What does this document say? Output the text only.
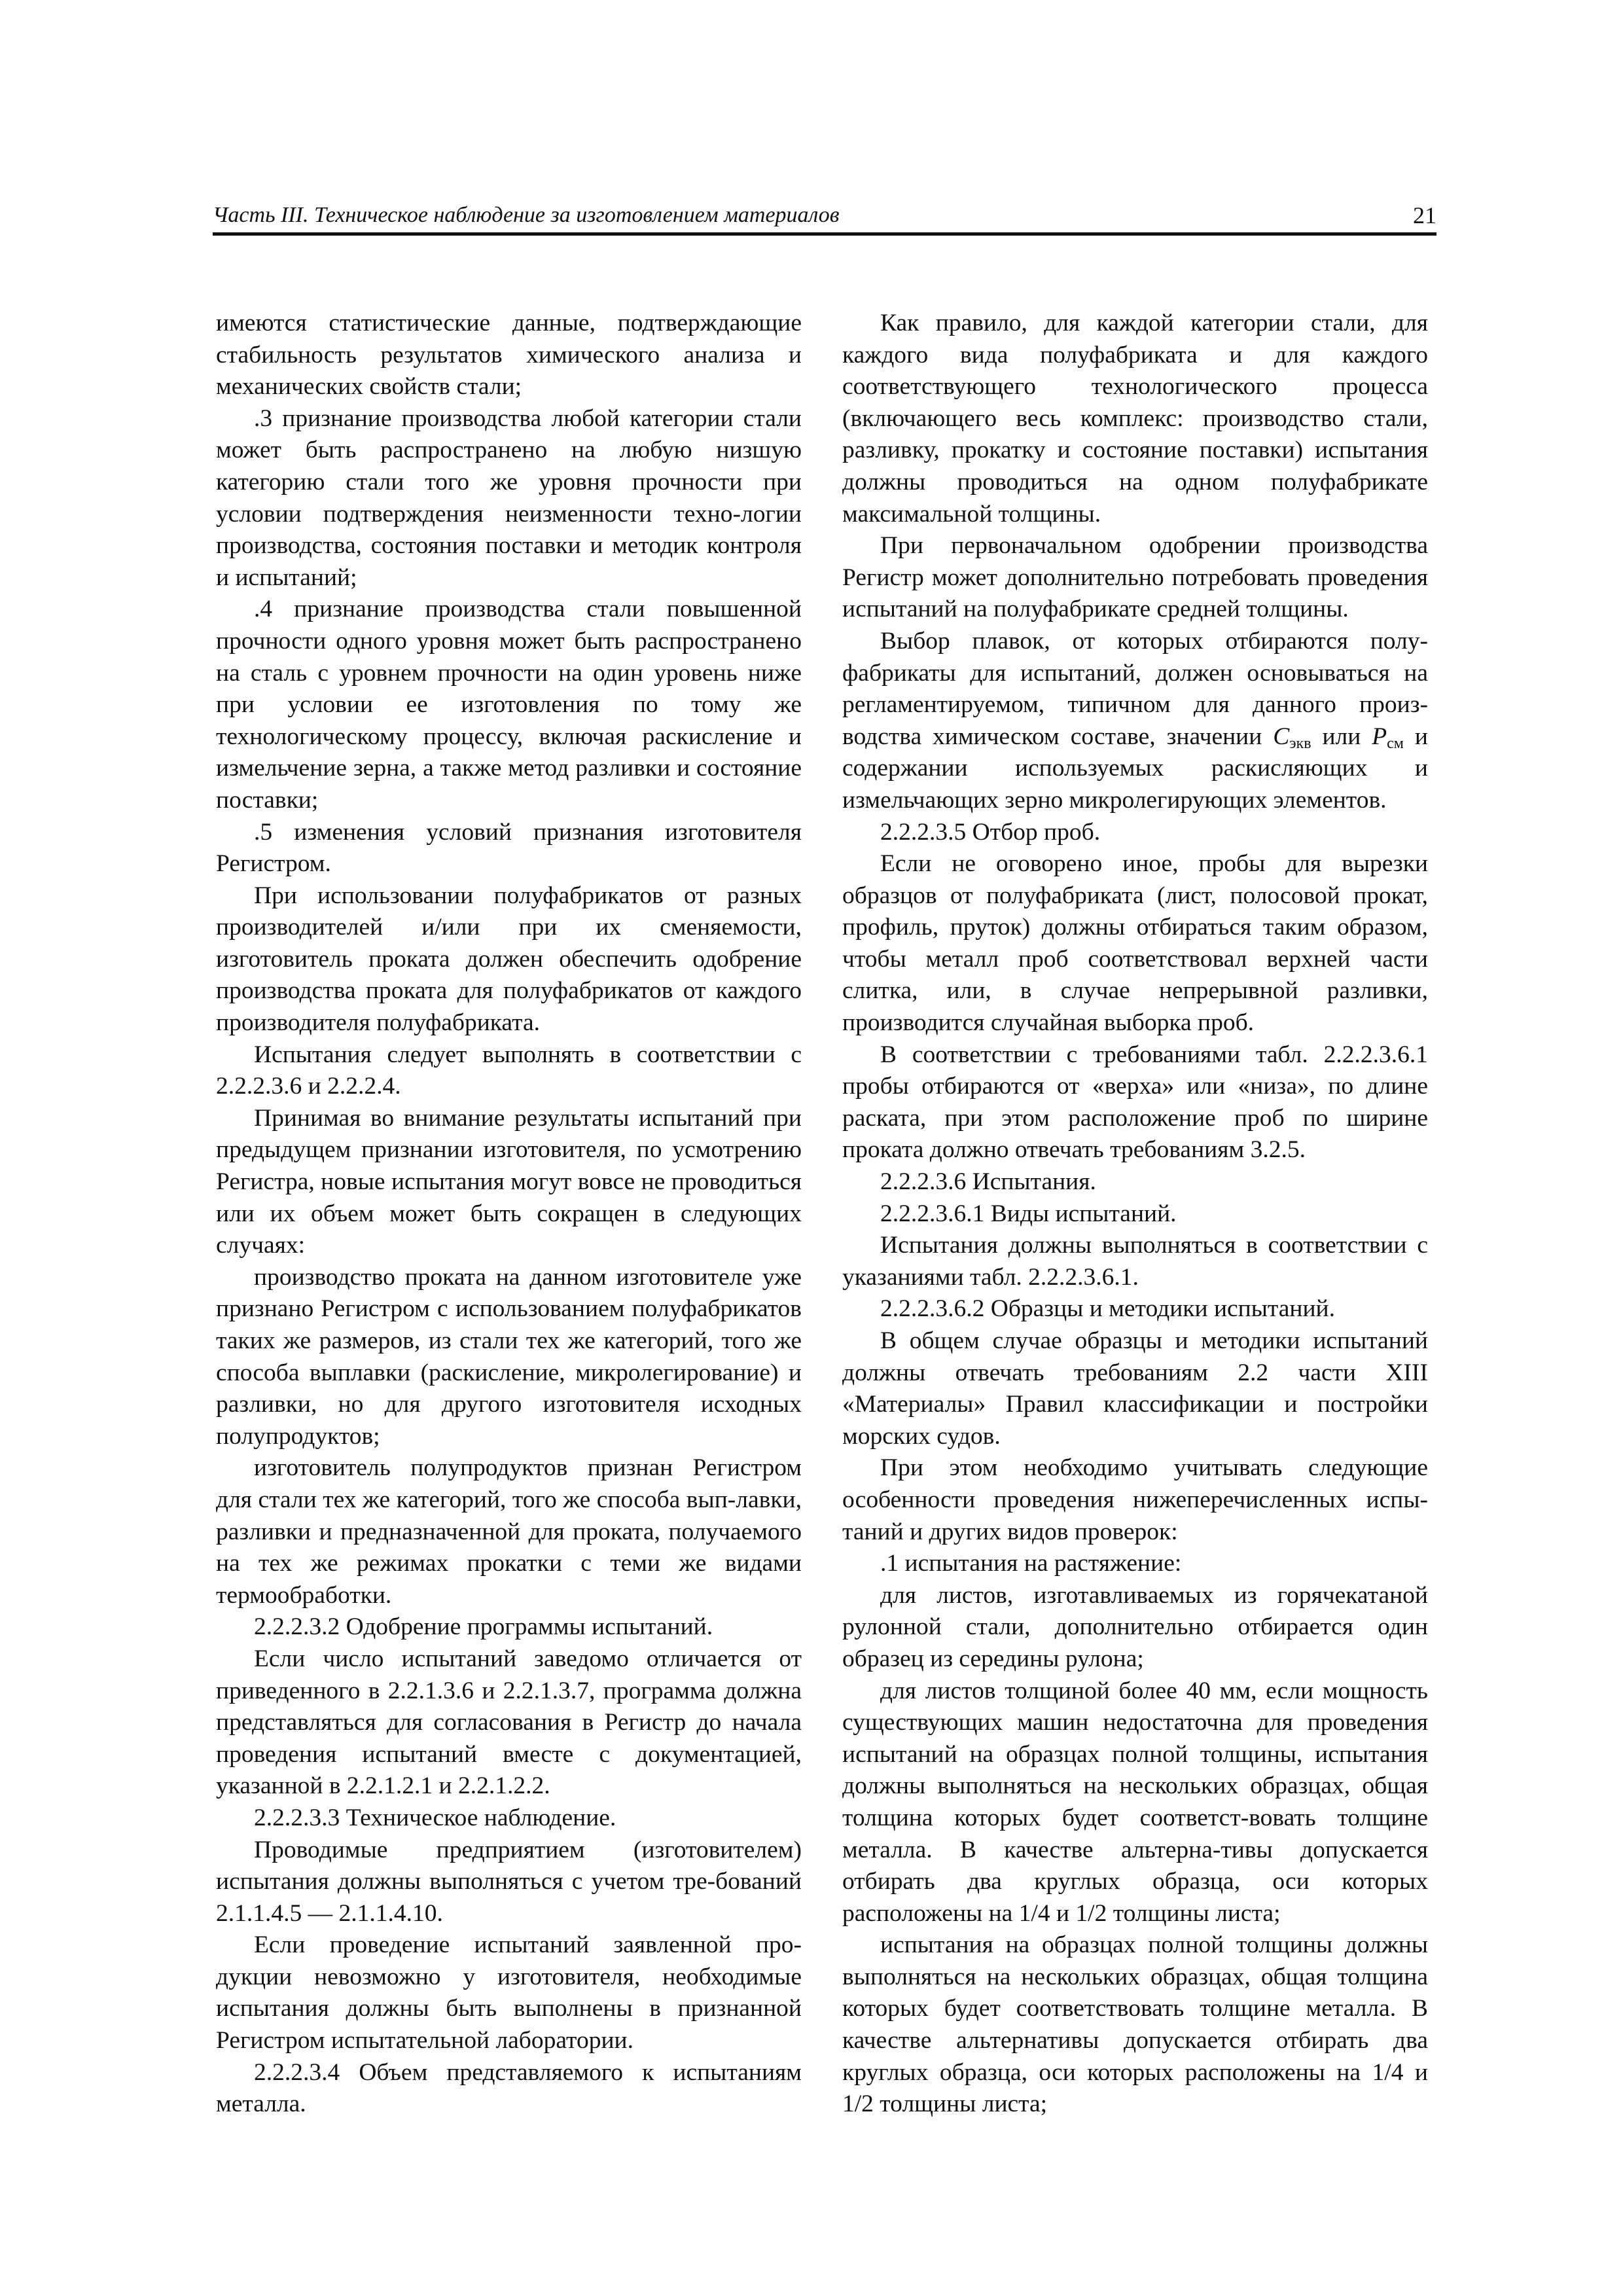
Часть III. Техническое наблюдение за изготовлением материалов	21

имеются статистические данные, подтверждающие стабильность результатов химического анализа и механических свойств стали;

.3 признание производства любой категории стали может быть распространено на любую низшую категорию стали того же уровня прочности при условии подтверждения неизменности техно-логии производства, состояния поставки и методик контроля и испытаний;

.4 признание производства стали повышенной прочности одного уровня может быть распространено на сталь с уровнем прочности на один уровень ниже при условии ее изготовления по тому же технологическому процессу, включая раскисление и измельчение зерна, а также метод разливки и состояние поставки;

.5 изменения условий признания изготовителя Регистром.

При использовании полуфабрикатов от разных производителей и/или при их сменяемости, изготовитель проката должен обеспечить одобрение производства проката для полуфабрикатов от каждого производителя полуфабриката.

Испытания следует выполнять в соответствии с 2.2.2.3.6 и 2.2.2.4.

Принимая во внимание результаты испытаний при предыдущем признании изготовителя, по усмотрению Регистра, новые испытания могут вовсе не проводиться или их объем может быть сокращен в следующих случаях:

производство проката на данном изготовителе уже признано Регистром с использованием полуфабрикатов таких же размеров, из стали тех же категорий, того же способа выплавки (раскисление, микролегирование) и разливки, но для другого изготовителя исходных полупродуктов;

изготовитель полупродуктов признан Регистром для стали тех же категорий, того же способа вып-лавки, разливки и предназначенной для проката, получаемого на тех же режимах прокатки с теми же видами термообработки.

2.2.2.3.2 Одобрение программы испытаний.

Если число испытаний заведомо отличается от приведенного в 2.2.1.3.6 и 2.2.1.3.7, программа должна представляться для согласования в Регистр до начала проведения испытаний вместе с документацией, указанной в 2.2.1.2.1 и 2.2.1.2.2.

2.2.2.3.3 Техническое наблюдение.

Проводимые предприятием (изготовителем) испытания должны выполняться с учетом тре-бований 2.1.1.4.5 — 2.1.1.4.10.

Если проведение испытаний заявленной про-дукции невозможно у изготовителя, необходимые испытания должны быть выполнены в признанной Регистром испытательной лаборатории.

2.2.2.3.4 Объем представляемого к испытаниям металла.

Как правило, для каждой категории стали, для каждого вида полуфабриката и для каждого соответствующего технологического процесса (включающего весь комплекс: производство стали, разливку, прокатку и состояние поставки) испытания должны проводиться на одном полуфабрикате максимальной толщины.

При первоначальном одобрении производства Регистр может дополнительно потребовать проведения испытаний на полуфабрикате средней толщины.

Выбор плавок, от которых отбираются полу-фабрикаты для испытаний, должен основываться на регламентируемом, типичном для данного произ-водства химическом составе, значении $C_{экв}$ или $P_{см}$ и содержании используемых раскисляющих и измельчающих зерно микролегирующих элементов.

2.2.2.3.5 Отбор проб.

Если не оговорено иное, пробы для вырезки образцов от полуфабриката (лист, полосовой прокат, профиль, пруток) должны отбираться таким образом, чтобы металл проб соответствовал верхней части слитка, или, в случае непрерывной разливки, производится случайная выборка проб.

В соответствии с требованиями табл. 2.2.2.3.6.1 пробы отбираются от «верха» или «низа», по длине раската, при этом расположение проб по ширине проката должно отвечать требованиям 3.2.5.

2.2.2.3.6 Испытания.

2.2.2.3.6.1 Виды испытаний.

Испытания должны выполняться в соответствии с указаниями табл. 2.2.2.3.6.1.

2.2.2.3.6.2 Образцы и методики испытаний.

В общем случае образцы и методики испытаний должны отвечать требованиям 2.2 части XIII «Материалы» Правил классификации и постройки морских судов.

При этом необходимо учитывать следующие особенности проведения нижеперечисленных испы-таний и других видов проверок:

.1 испытания на растяжение:

для листов, изготавливаемых из горячекатаной рулонной стали, дополнительно отбирается один образец из середины рулона;

для листов толщиной более 40 мм, если мощность существующих машин недостаточна для проведения испытаний на образцах полной толщины, испытания должны выполняться на нескольких образцах, общая толщина которых будет соответст-вовать толщине металла. В качестве альтерна-тивы допускается отбирать два круглых образца, оси которых расположены на 1/4 и 1/2 толщины листа;

испытания на образцах полной толщины должны выполняться на нескольких образцах, общая толщина которых будет соответствовать толщине металла. В качестве альтернативы допускается отбирать два круглых образца, оси которых расположены на 1/4 и 1/2 толщины листа;
